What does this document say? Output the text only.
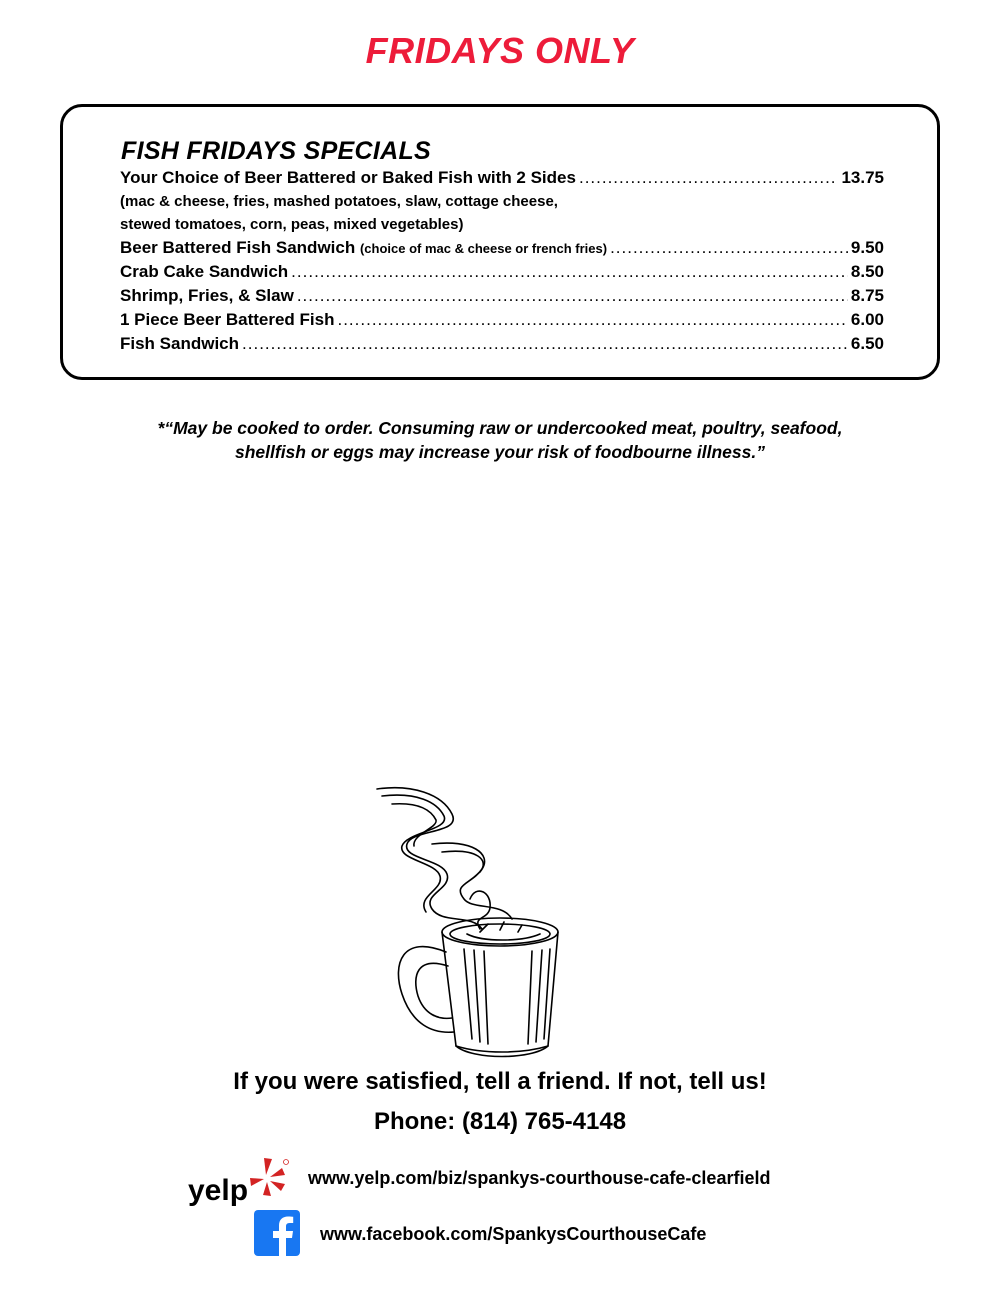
FRIDAYS ONLY
FISH FRIDAYS SPECIALS
Your Choice of Beer Battered or Baked Fish with 2 Sides .....	13.75
(mac & cheese, fries, mashed potatoes, slaw, cottage cheese,
stewed tomatoes, corn, peas, mixed vegetables)
Beer Battered Fish Sandwich
(choice of mac & cheese or french fries) .....	9.50
Crab Cake Sandwich .....	8.50
Shrimp, Fries, & Slaw .....	8.75
1 Piece Beer Battered Fish .....	6.00
Fish Sandwich .....	6.50
*“May be cooked to order. Consuming raw or undercooked meat, poultry, seafood,
shellfish or eggs may increase your risk of foodbourne illness.”
If you were satisfied, tell a friend. If not, tell us!
Phone: (814) 765-4148
yelp	www.yelp.com/biz/spankys-courthouse-cafe-clearfield
www.facebook.com/SpankysCourthouseCafe
